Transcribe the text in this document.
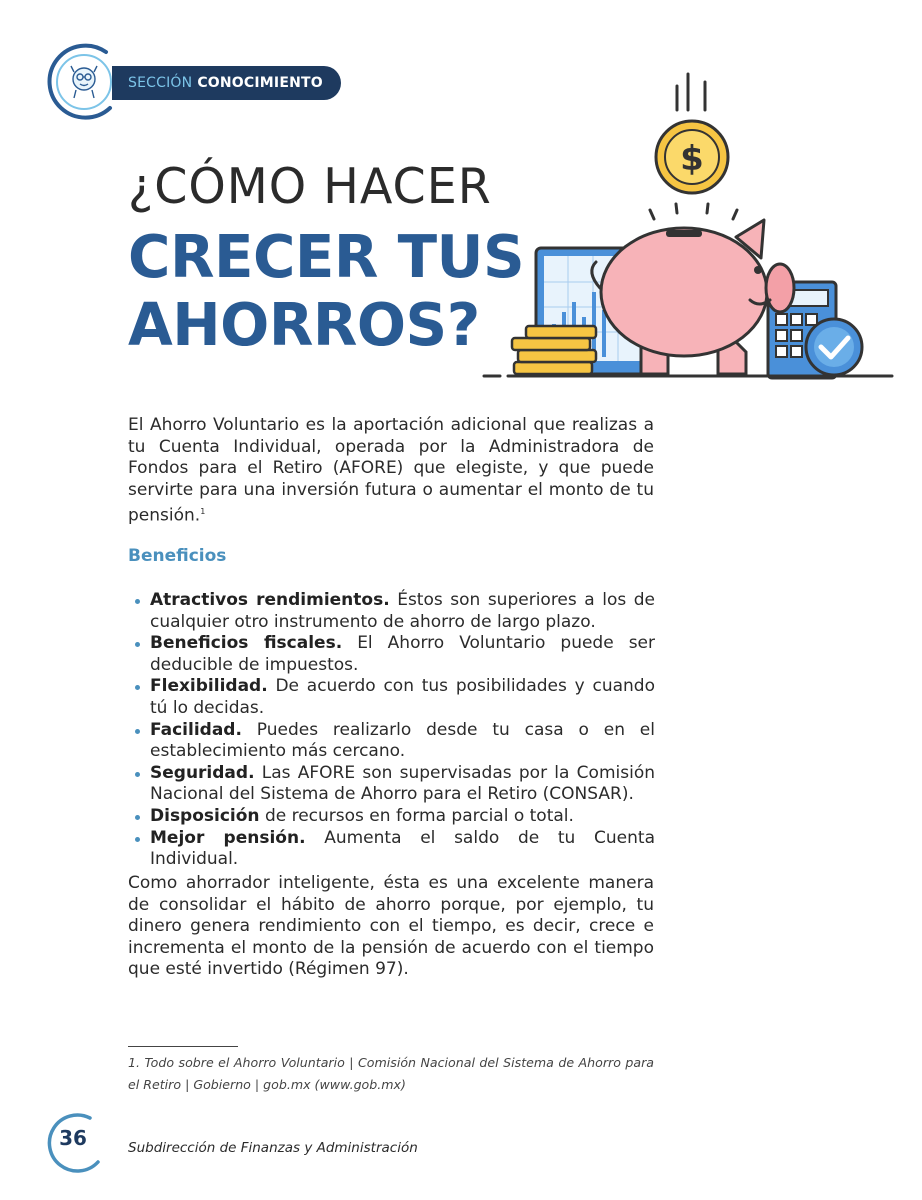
SECCIÓN CONOCIMIENTO
¿CÓMO HACER
CRECER TUS
AHORROS?
$

El Ahorro Voluntario es la aportación adicional que realizas a tu Cuenta Individual, operada por la Administradora de Fondos para el Retiro (AFORE) que elegiste, y que puede servirte para una inversión futura o aumentar el monto de tu pensión.$^1$

Beneficios
Atractivos rendimientos. Éstos son superiores a los de cualquier otro instrumento de ahorro de largo plazo.
Beneficios fiscales. El Ahorro Voluntario puede ser deducible de impuestos.
Flexibilidad. De acuerdo con tus posibilidades y cuando tú lo decidas.
Facilidad. Puedes realizarlo desde tu casa o en el establecimiento más cercano.
Seguridad. Las AFORE son supervisadas por la Comisión Nacional del Sistema de Ahorro para el Retiro (CONSAR).
Disposición de recursos en forma parcial o total.
Mejor pensión. Aumenta el saldo de tu Cuenta Individual.

Como ahorrador inteligente, ésta es una excelente manera de consolidar el hábito de ahorro porque, por ejemplo, tu dinero genera rendimiento con el tiempo, es decir, crece e incrementa el monto de la pensión de acuerdo con el tiempo que esté invertido (Régimen 97).

1. Todo sobre el Ahorro Voluntario | Comisión Nacional del Sistema de Ahorro para el Retiro | Gobierno | gob.mx (www.gob.mx)

36	Subdirección de Finanzas y Administración
